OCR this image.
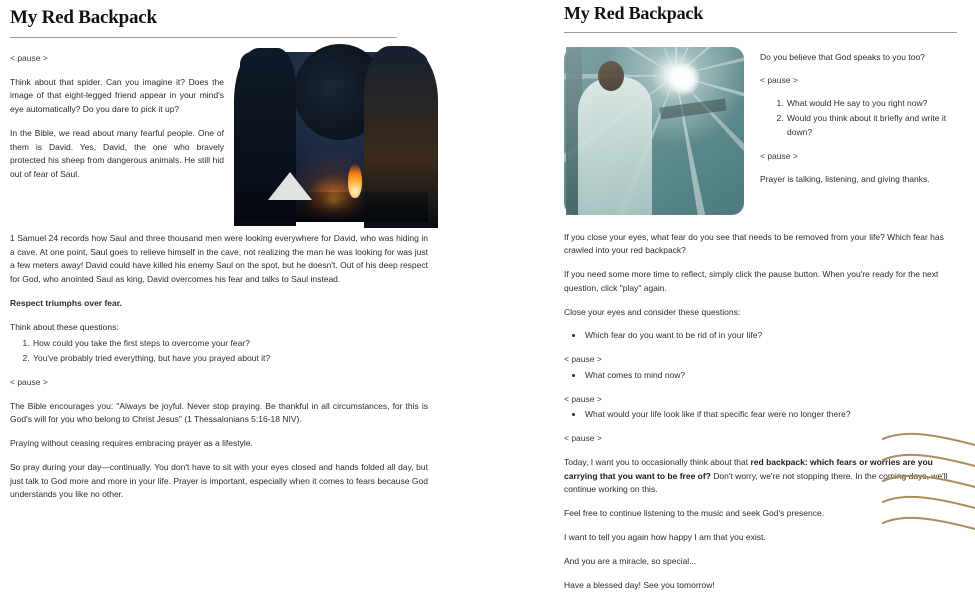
My Red Backpack

< pause >

Think about that spider. Can you imagine it? Does the image of that eight-legged friend appear in your mind's eye automatically? Do you dare to pick it up?

In the Bible, we read about many fearful people. One of them is David. Yes, David, the one who bravely protected his sheep from dangerous animals. He still hid out of fear of Saul.

1 Samuel 24 records how Saul and three thousand men were looking everywhere for David, who was hiding in a cave. At one point, Saul goes to relieve himself in the cave, not realizing the man he was looking for was just a few meters away! David could have killed his enemy Saul on the spot, but he doesn't. Out of his deep respect for God, who anointed Saul as king, David overcomes his fear and talks to Saul instead.

Respect triumphs over fear.

Think about these questions:

1. How could you take the first steps to overcome your fear?
2. You've probably tried everything, but have you prayed about it?

< pause >

The Bible encourages you: "Always be joyful. Never stop praying. Be thankful in all circumstances, for this is God's will for you who belong to Christ Jesus" (1 Thessalonians 5:16-18 NIV).

Praying without ceasing requires embracing prayer as a lifestyle.

So pray during your day—continually. You don't have to sit with your eyes closed and hands folded all day, but just talk to God more and more in your life. Prayer is important, especially when it comes to fears because God understands you like no other.

My Red Backpack

Do you believe that God speaks to you too?

< pause >

1. What would He say to you right now?
2. Would you think about it briefly and write it down?

< pause >

Prayer is talking, listening, and giving thanks.

If you close your eyes, what fear do you see that needs to be removed from your life? Which fear has crawled into your red backpack?

If you need some more time to reflect, simply click the pause button. When you're ready for the next question, click "play" again.

Close your eyes and consider these questions:

• Which fear do you want to be rid of in your life?

< pause >

• What comes to mind now?

< pause >

• What would your life look like if that specific fear were no longer there?

< pause >

Today, I want you to occasionally think about that red backpack: which fears or worries are you carrying that you want to be free of? Don't worry, we're not stopping there. In the coming days, we'll continue working on this.

Feel free to continue listening to the music and seek God's presence.

I want to tell you again how happy I am that you exist.

And you are a miracle, so special...

Have a blessed day! See you tomorrow!
